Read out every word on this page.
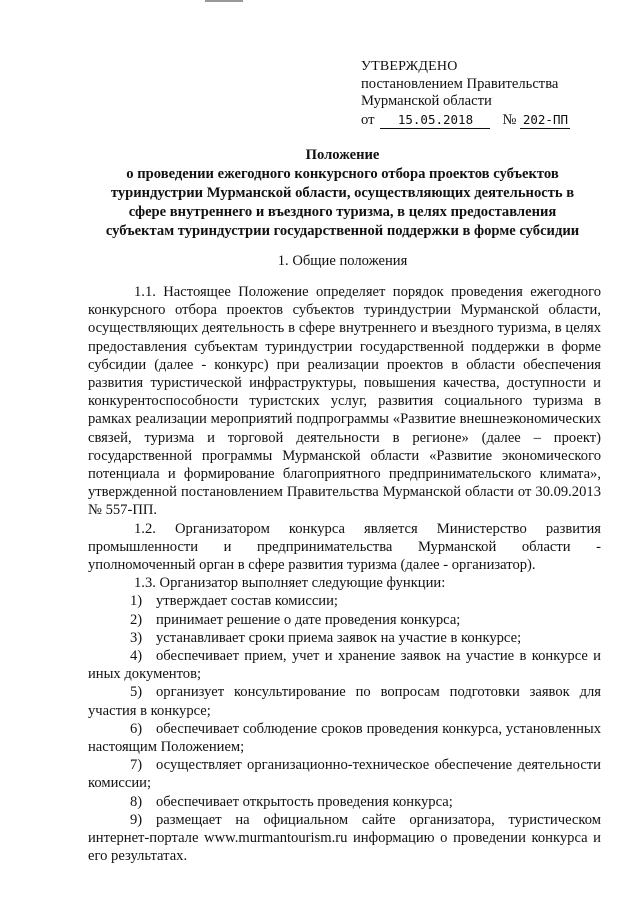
УТВЕРЖДЕНО
постановлением Правительства
Мурманской области
от	15.05.2018	№ 202-ПП
Положение
о проведении ежегодного конкурсного отбора проектов субъектов
туриндустрии Мурманской области, осуществляющих деятельность в
сфере внутреннего и въездного туризма, в целях предоставления
субъектам туриндустрии государственной поддержки в форме субсидии
1. Общие положения

1.1. Настоящее Положение определяет порядок проведения ежегодного конкурсного отбора проектов субъектов туриндустрии Мурманской области, осуществляющих деятельность в сфере внутреннего и въездного туризма, в целях предоставления субъектам туриндустрии государственной поддержки в форме субсидии (далее - конкурс) при реализации проектов в области обеспечения развития туристической инфраструктуры, повышения качества, доступности и конкурентоспособности туристских услуг, развития социального туризма в рамках реализации мероприятий подпрограммы «Развитие внешнеэкономических связей, туризма и торговой деятельности в регионе» (далее – проект) государственной программы Мурманской области «Развитие экономического потенциала и формирование благоприятного предпринимательского климата», утвержденной постановлением Правительства Мурманской области от 30.09.2013 № 557-ПП.

1.2. Организатором конкурса является Министерство развития промышленности и предпринимательства Мурманской области - уполномоченный орган в сфере развития туризма (далее - организатор).

1.3. Организатор выполняет следующие функции:

1) утверждает состав комиссии;
2) принимает решение о дате проведения конкурса;
3) устанавливает сроки приема заявок на участие в конкурсе;

4) обеспечивает прием, учет и хранение заявок на участие в конкурсе и иных документов;

5) организует консультирование по вопросам подготовки заявок для участия в конкурсе;

6) обеспечивает соблюдение сроков проведения конкурса, установленных настоящим Положением;

7) осуществляет организационно-техническое обеспечение деятельности комиссии;

8) обеспечивает открытость проведения конкурса;

9) размещает на официальном сайте организатора, туристическом интернет-портале www.murmantourism.ru информацию о проведении конкурса и его результатах.
